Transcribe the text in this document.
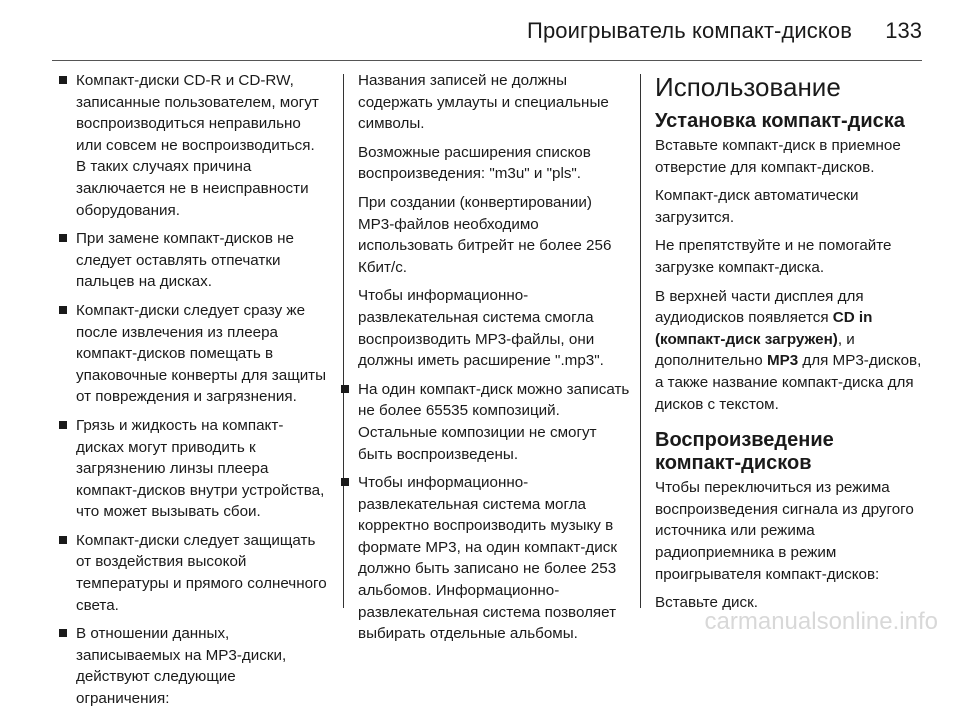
Проигрыватель компакт-дисков 133
Компакт-диски CD-R и CD-RW, записанные пользователем, могут воспроизводиться неправильно или совсем не воспроизводиться. В таких случаях причина заключается не в неисправности оборудования.
При замене компакт-дисков не следует оставлять отпечатки пальцев на дисках.
Компакт-диски следует сразу же после извлечения из плеера компакт-дисков помещать в упаковочные конверты для защиты от повреждения и загрязнения.
Грязь и жидкость на компакт-дисках могут приводить к загрязнению линзы плеера компакт-дисков внутри устройства, что может вызывать сбои.
Компакт-диски следует защищать от воздействия высокой температуры и прямого солнечного света.
В отношении данных, записываемых на MP3-диски, действуют следующие ограничения:

Названия записей не должны содержать умлауты и специальные символы.

Возможные расширения списков воспроизведения: "m3u" и "pls".

При создании (конвертировании) MP3-файлов необходимо использовать битрейт не более 256 Кбит/с.

Чтобы информационно-развлекательная система смогла воспроизводить MP3-файлы, они должны иметь расширение ".mp3".

На один компакт-диск можно записать не более 65535 композиций. Остальные композиции не смогут быть воспроизведены.
Чтобы информационно-развлекательная система могла корректно воспроизводить музыку в формате MP3, на один компакт-диск должно быть записано не более 253 альбомов. Информационно-развлекательная система позволяет выбирать отдельные альбомы.
Использование
Установка компакт-диска

Вставьте компакт-диск в приемное отверстие для компакт-дисков.

Компакт-диск автоматически загрузится.

Не препятствуйте и не помогайте загрузке компакт-диска.

В верхней части дисплея для аудиодисков появляется CD in (компакт-диск загружен), и дополнительно MP3 для MP3-дисков, а также название компакт-диска для дисков с текстом.

Воспроизведение компакт-дисков

Чтобы переключиться из режима воспроизведения сигнала из другого источника или режима радиоприемника в режим проигрывателя компакт-дисков:

Вставьте диск.

carmanualsonline.info
